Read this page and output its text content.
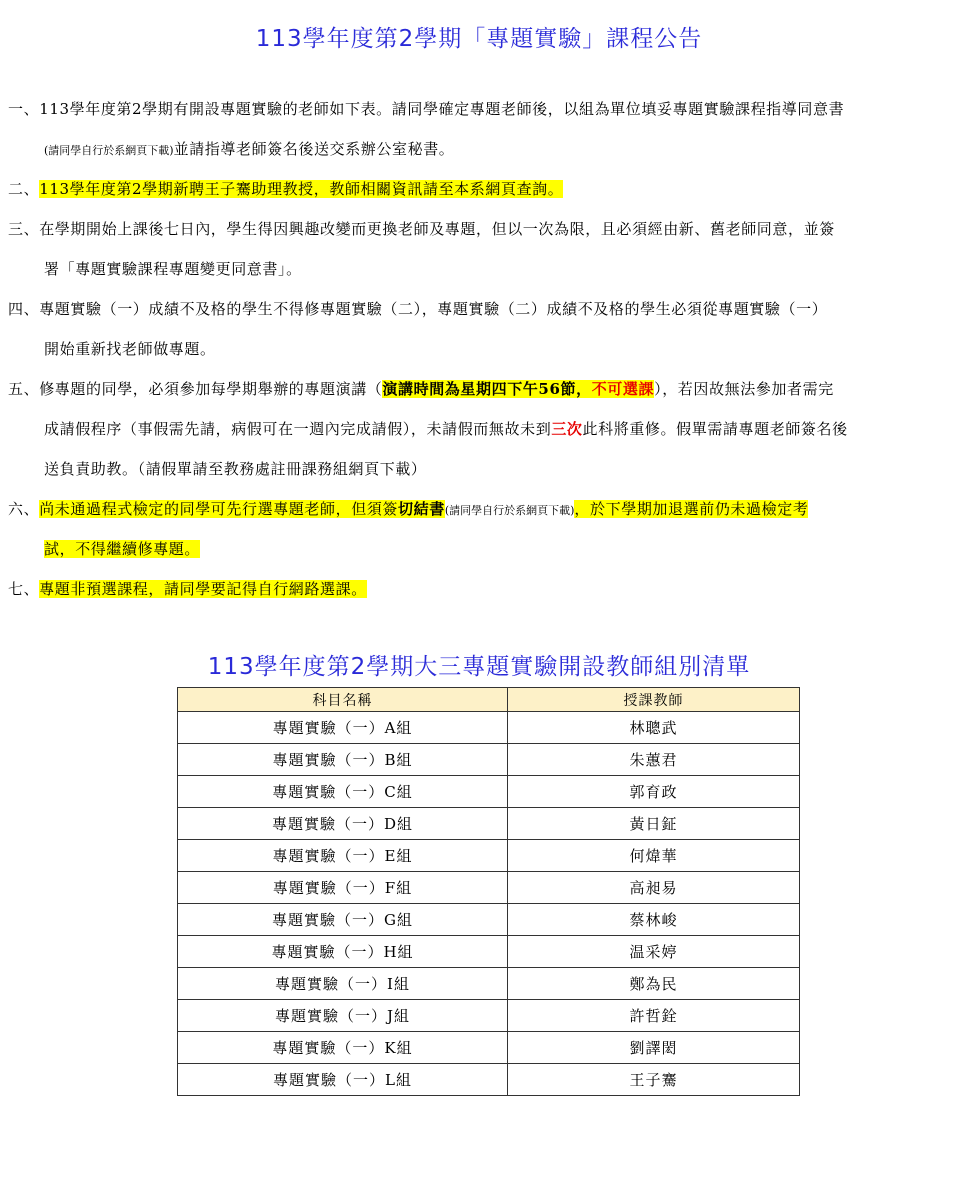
113學年度第2學期「專題實驗」課程公告
一、113學年度第2學期有開設專題實驗的老師如下表。請同學確定專題老師後，以組為單位填妥專題實驗課程指導同意書
(請同學自行於系網頁下載)並請指導老師簽名後送交系辦公室秘書。
二、113學年度第2學期新聘王子騫助理教授，教師相關資訊請至本系網頁查詢。
三、在學期開始上課後七日內，學生得因興趣改變而更換老師及專題，但以一次為限，且必須經由新、舊老師同意，並簽
署「專題實驗課程專題變更同意書」。
四、專題實驗（一）成績不及格的學生不得修專題實驗（二），專題實驗（二）成績不及格的學生必須從專題實驗（一）
開始重新找老師做專題。
五、修專題的同學，必須參加每學期舉辦的專題演講（演講時間為星期四下午56節，不可選課），若因故無法參加者需完
成請假程序（事假需先請，病假可在一週內完成請假），未請假而無故未到三次此科將重修。假單需請專題老師簽名後
送負責助教。（請假單請至教務處註冊課務組網頁下載）
六、尚未通過程式檢定的同學可先行選專題老師，但須簽切結書(請同學自行於系網頁下載)，於下學期加退選前仍未過檢定考
試，不得繼續修專題。
七、專題非預選課程，請同學要記得自行網路選課。
113學年度第2學期大三專題實驗開設教師組別清單
科目名稱	授課教師
專題實驗（一）A組	林聰武
專題實驗（一）B組	朱蕙君
專題實驗（一）C組	郭育政
專題實驗（一）D組	黃日鉦
專題實驗（一）E組	何煒華
專題實驗（一）F組	高昶易
專題實驗（一）G組	蔡林峻
專題實驗（一）H組	温采婷
專題實驗（一）I組	鄭為民
專題實驗（一）J組	許哲銓
專題實驗（一）K組	劉譯閎
專題實驗（一）L組	王子騫
